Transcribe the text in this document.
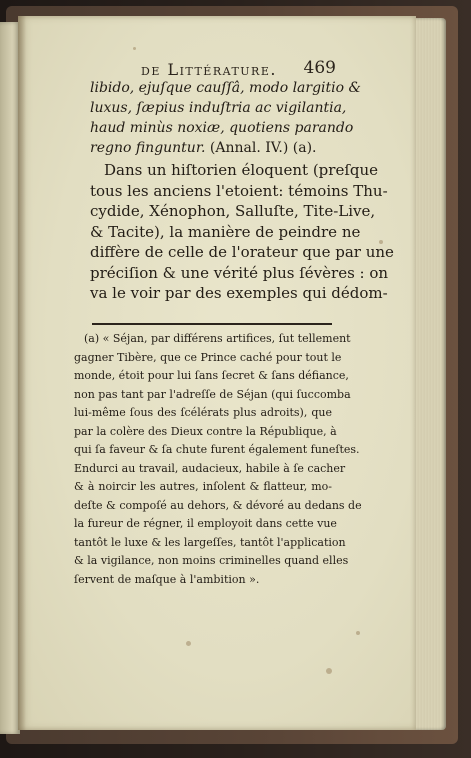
de Littérature.	469
libido, ejuſque cauſſâ, modo largitio &
luxus, ſæpius induſtria ac vigilantia,
haud minùs noxiæ, quotiens parando
regno finguntur. (Annal. IV.) (a).
Dans un hiſtorien éloquent (preſque
tous les anciens l'etoient: témoins Thu-
cydide, Xénophon, Salluſte, Tite-Live,
& Tacite), la manière de peindre ne
diffère de celle de l'orateur que par une
préciſion & une vérité plus ſévères : on
va le voir par des exemples qui dédom-
(a) « Séjan, par différens artifices, ſut tellement
gagner Tibère, que ce Prince caché pour tout le
monde, étoit pour lui ſans ſecret & ſans défiance,
non pas tant par l'adreſſe de Séjan (qui ſuccomba
lui-même ſous des ſcélérats plus adroits), que
par la colère des Dieux contre la République, à
qui ſa faveur & ſa chute furent également funeſtes.
Endurci au travail, audacieux, habile à ſe cacher
& à noircir les autres, inſolent & flatteur, mo-
deſte & compoſé au dehors, & dévoré au dedans de
la fureur de régner, il employoit dans cette vue
tantôt le luxe & les largeſſes, tantôt l'application
& la vigilance, non moins criminelles quand elles
ſervent de maſque à l'ambition ».
